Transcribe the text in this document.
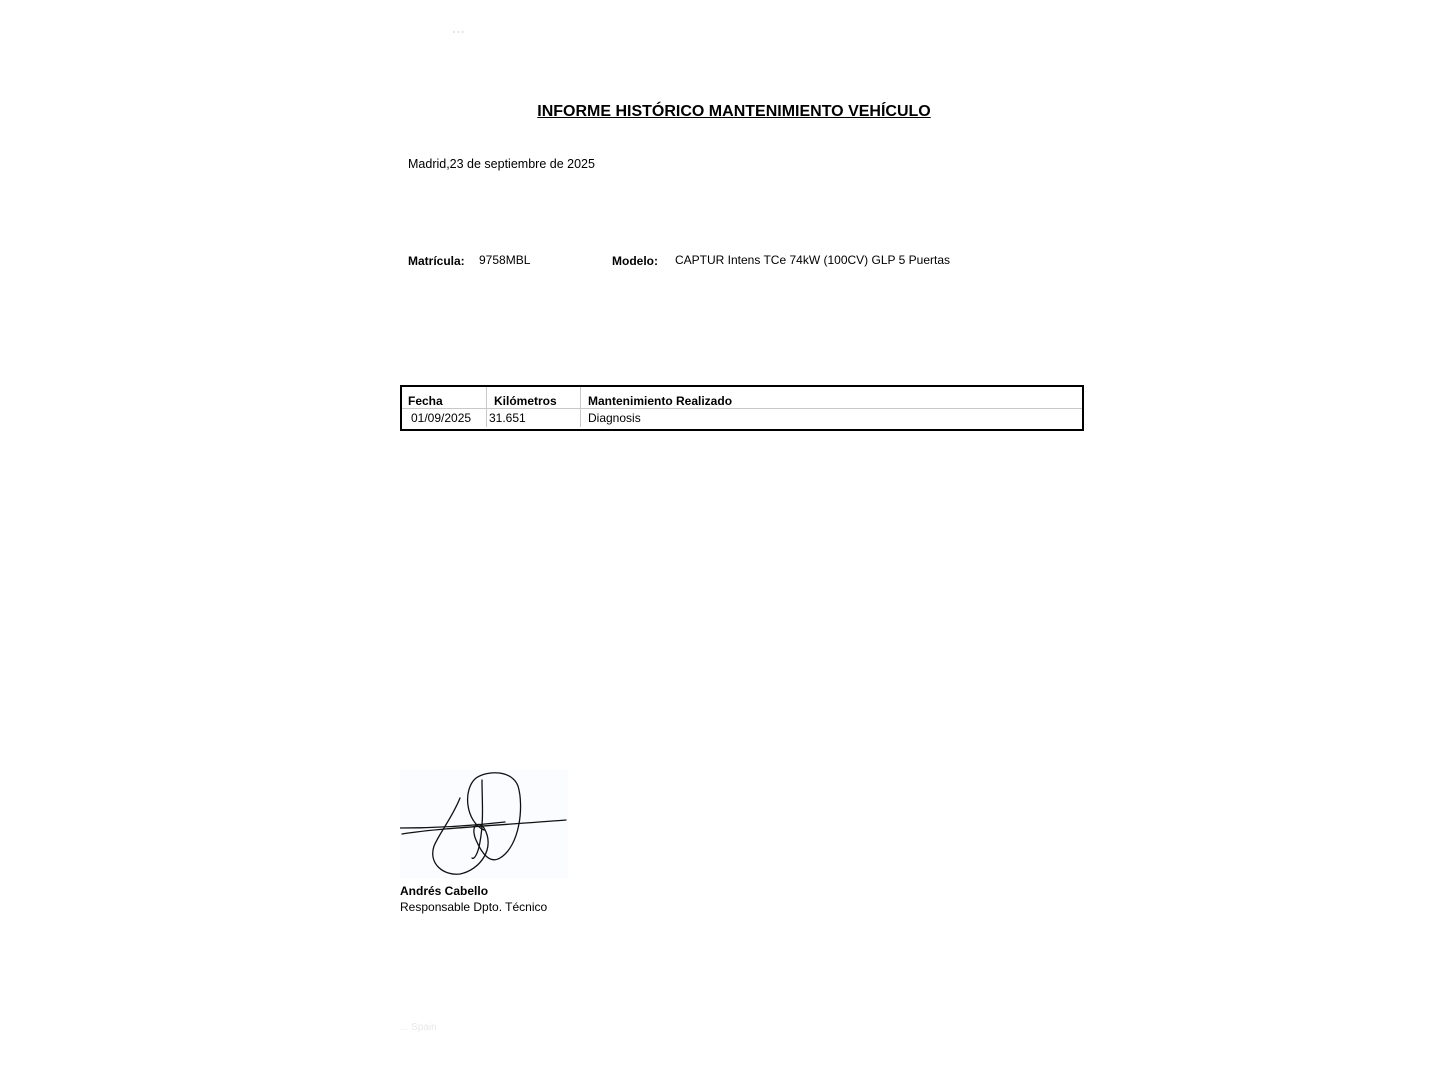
...
INFORME HISTÓRICO MANTENIMIENTO VEHÍCULO
Madrid,23 de septiembre de 2025
Matrícula: 9758MBL	Modelo: CAPTUR Intens TCe 74kW (100CV) GLP 5 Puertas
Fecha	Kilómetros	Mantenimiento Realizado
01/09/2025	31.651	Diagnosis
Andrés Cabello
Responsable Dpto. Técnico
... Spain
